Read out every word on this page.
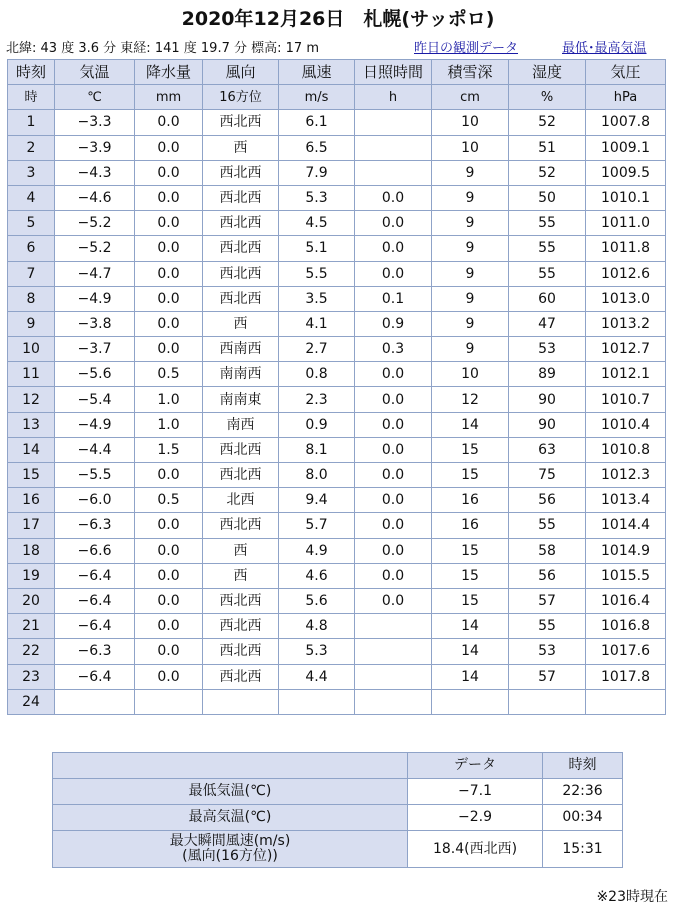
2020年12月26日　札幌(サッポロ)
北緯: 43 度 3.6 分 東経: 141 度 19.7 分 標高: 17 m	昨日の観測データ	最低･最高気温
時刻	気温	降水量	風向	風速	日照時間	積雪深	湿度	気圧
時	℃	mm	16方位	m/s	h	cm	%	hPa
1	−3.3	0.0	西北西	6.1		10	52	1007.8
2	−3.9	0.0	西	6.5		10	51	1009.1
3	−4.3	0.0	西北西	7.9		9	52	1009.5
4	−4.6	0.0	西北西	5.3	0.0	9	50	1010.1
5	−5.2	0.0	西北西	4.5	0.0	9	55	1011.0
6	−5.2	0.0	西北西	5.1	0.0	9	55	1011.8
7	−4.7	0.0	西北西	5.5	0.0	9	55	1012.6
8	−4.9	0.0	西北西	3.5	0.1	9	60	1013.0
9	−3.8	0.0	西	4.1	0.9	9	47	1013.2
10	−3.7	0.0	西南西	2.7	0.3	9	53	1012.7
11	−5.6	0.5	南南西	0.8	0.0	10	89	1012.1
12	−5.4	1.0	南南東	2.3	0.0	12	90	1010.7
13	−4.9	1.0	南西	0.9	0.0	14	90	1010.4
14	−4.4	1.5	西北西	8.1	0.0	15	63	1010.8
15	−5.5	0.0	西北西	8.0	0.0	15	75	1012.3
16	−6.0	0.5	北西	9.4	0.0	16	56	1013.4
17	−6.3	0.0	西北西	5.7	0.0	16	55	1014.4
18	−6.6	0.0	西	4.9	0.0	15	58	1014.9
19	−6.4	0.0	西	4.6	0.0	15	56	1015.5
20	−6.4	0.0	西北西	5.6	0.0	15	57	1016.4
21	−6.4	0.0	西北西	4.8		14	55	1016.8
22	−6.3	0.0	西北西	5.3		14	53	1017.6
23	−6.4	0.0	西北西	4.4		14	57	1017.8
24								
	データ	時刻
最低気温(℃)	−7.1	22:36
最高気温(℃)	−2.9	00:34

最大瞬間風速(m/s)
(風向(16方位))	18.4(西北西)	15:31
※23時現在
